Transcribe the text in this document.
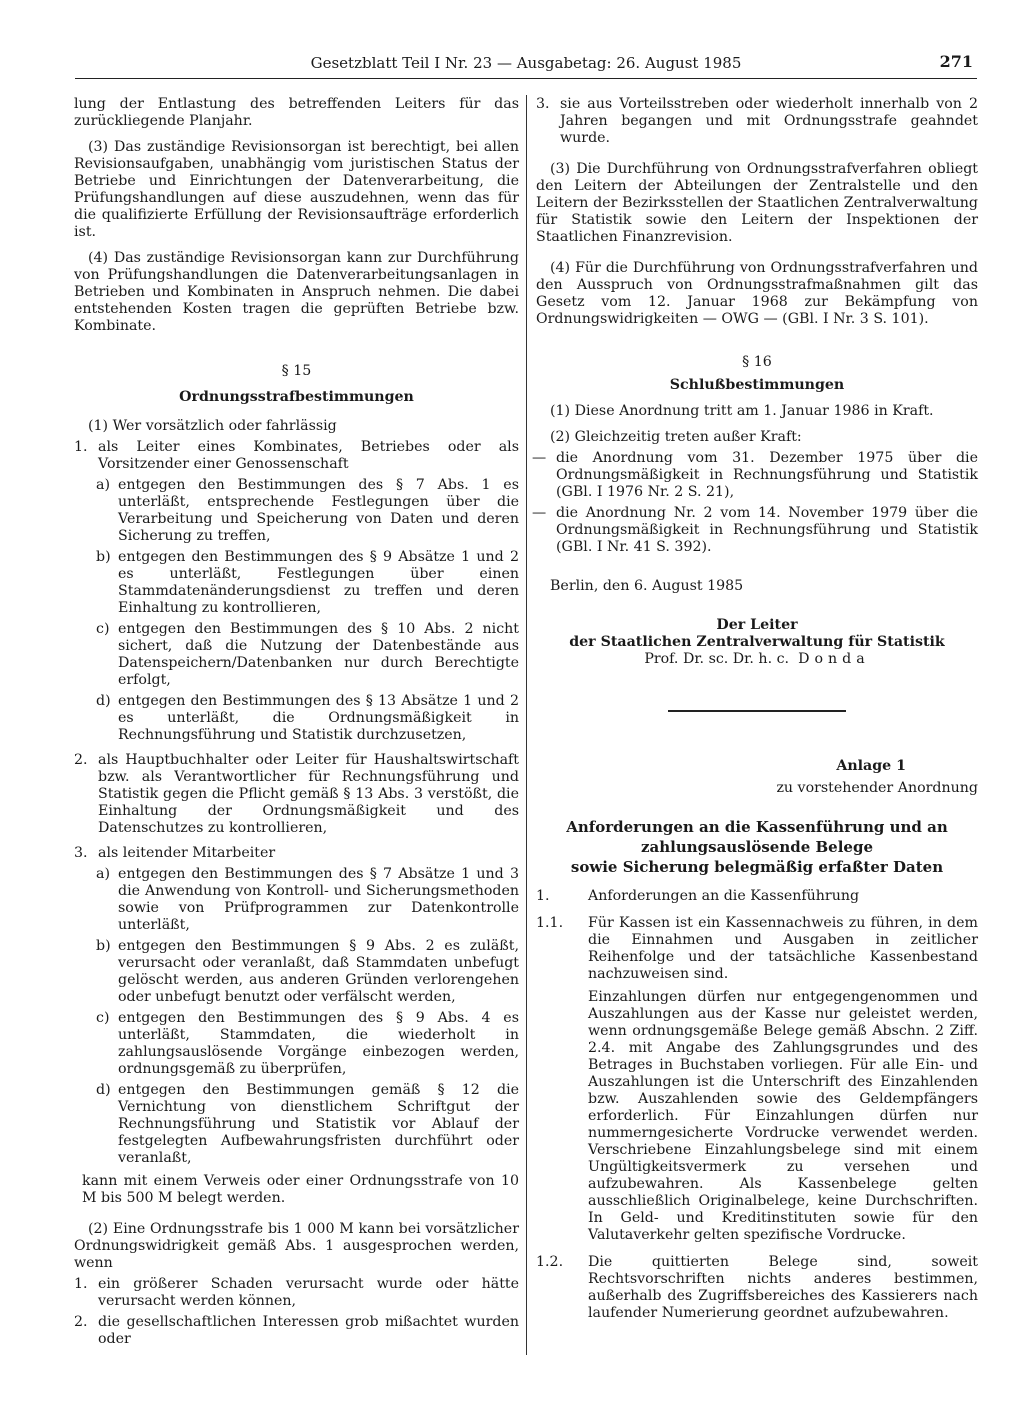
Gesetzblatt Teil I Nr. 23 — Ausgabetag: 26. August 1985	271

lung der Entlastung des betreffenden Leiters für das zurückliegende Planjahr.

(3) Das zuständige Revisionsorgan ist berechtigt, bei allen Revisionsaufgaben, unabhängig vom juristischen Status der Betriebe und Einrichtungen der Datenverarbeitung, die Prüfungshandlungen auf diese auszudehnen, wenn das für die qualifizierte Erfüllung der Revisionsaufträge erforderlich ist.

(4) Das zuständige Revisionsorgan kann zur Durchführung von Prüfungshandlungen die Datenverarbeitungsanlagen in Betrieben und Kombinaten in Anspruch nehmen. Die dabei entstehenden Kosten tragen die geprüften Betriebe bzw. Kombinate.

§ 15

Ordnungsstrafbestimmungen

(1) Wer vorsätzlich oder fahrlässig

1. als Leiter eines Kombinates, Betriebes oder als Vorsitzender einer Genossenschaft
a) entgegen den Bestimmungen des § 7 Abs. 1 es unterläßt, entsprechende Festlegungen über die Verarbeitung und Speicherung von Daten und deren Sicherung zu treffen,
b) entgegen den Bestimmungen des § 9 Absätze 1 und 2 es unterläßt, Festlegungen über einen Stammdatenänderungsdienst zu treffen und deren Einhaltung zu kontrollieren,
c) entgegen den Bestimmungen des § 10 Abs. 2 nicht sichert, daß die Nutzung der Datenbestände aus Datenspeichern/Datenbanken nur durch Berechtigte erfolgt,
d) entgegen den Bestimmungen des § 13 Absätze 1 und 2 es unterläßt, die Ordnungsmäßigkeit in Rechnungsführung und Statistik durchzusetzen,
2. als Hauptbuchhalter oder Leiter für Haushaltswirtschaft bzw. als Verantwortlicher für Rechnungsführung und Statistik gegen die Pflicht gemäß § 13 Abs. 3 verstößt, die Einhaltung der Ordnungsmäßigkeit und des Datenschutzes zu kontrollieren,
3. als leitender Mitarbeiter
a) entgegen den Bestimmungen des § 7 Absätze 1 und 3 die Anwendung von Kontroll- und Sicherungsmethoden sowie von Prüfprogrammen zur Datenkontrolle unterläßt,
b) entgegen den Bestimmungen § 9 Abs. 2 es zuläßt, verursacht oder veranlaßt, daß Stammdaten unbefugt gelöscht werden, aus anderen Gründen verlorengehen oder unbefugt benutzt oder verfälscht werden,
c) entgegen den Bestimmungen des § 9 Abs. 4 es unterläßt, Stammdaten, die wiederholt in zahlungsauslösende Vorgänge einbezogen werden, ordnungsgemäß zu überprüfen,
d) entgegen den Bestimmungen gemäß § 12 die Vernichtung von dienstlichem Schriftgut der Rechnungsführung und Statistik vor Ablauf der festgelegten Aufbewahrungsfristen durchführt oder veranlaßt,

kann mit einem Verweis oder einer Ordnungsstrafe von 10 M bis 500 M belegt werden.

(2) Eine Ordnungsstrafe bis 1 000 M kann bei vorsätzlicher Ordnungswidrigkeit gemäß Abs. 1 ausgesprochen werden, wenn

1. ein größerer Schaden verursacht wurde oder hätte verursacht werden können,
2. die gesellschaftlichen Interessen grob mißachtet wurden oder
3. sie aus Vorteilsstreben oder wiederholt innerhalb von 2 Jahren begangen und mit Ordnungsstrafe geahndet wurde.

(3) Die Durchführung von Ordnungsstrafverfahren obliegt den Leitern der Abteilungen der Zentralstelle und den Leitern der Bezirksstellen der Staatlichen Zentralverwaltung für Statistik sowie den Leitern der Inspektionen der Staatlichen Finanzrevision.

(4) Für die Durchführung von Ordnungsstrafverfahren und den Ausspruch von Ordnungsstrafmaßnahmen gilt das Gesetz vom 12. Januar 1968 zur Bekämpfung von Ordnungswidrigkeiten — OWG — (GBl. I Nr. 3 S. 101).

§ 16

Schlußbestimmungen

(1) Diese Anordnung tritt am 1. Januar 1986 in Kraft.

(2) Gleichzeitig treten außer Kraft:

— die Anordnung vom 31. Dezember 1975 über die Ordnungsmäßigkeit in Rechnungsführung und Statistik (GBl. I 1976 Nr. 2 S. 21),
— die Anordnung Nr. 2 vom 14. November 1979 über die Ordnungsmäßigkeit in Rechnungsführung und Statistik (GBl. I Nr. 41 S. 392).

Berlin, den 6. August 1985

Der Leiter

der Staatlichen Zentralverwaltung für Statistik

Prof. Dr. sc. Dr. h. c. Donda

Anlage 1

zu vorstehender Anordnung

Anforderungen an die Kassenführung und an

zahlungsauslösende Belege

sowie Sicherung belegmäßig erfaßter Daten

1.	Anforderungen an die Kassenführung
1.1.	Für Kassen ist ein Kassennachweis zu führen, in dem die Einnahmen und Ausgaben in zeitlicher Reihenfolge und der tatsächliche Kassenbestand nachzuweisen sind.

Einzahlungen dürfen nur entgegengenommen und Auszahlungen aus der Kasse nur geleistet werden, wenn ordnungsgemäße Belege gemäß Abschn. 2 Ziff. 2.4. mit Angabe des Zahlungsgrundes und des Betrages in Buchstaben vorliegen. Für alle Ein- und Auszahlungen ist die Unterschrift des Einzahlenden bzw. Auszahlenden sowie des Geldempfängers erforderlich. Für Einzahlungen dürfen nur nummerngesicherte Vordrucke verwendet werden. Verschriebene Einzahlungsbelege sind mit einem Ungültigkeitsvermerk zu versehen und aufzubewahren. Als Kassenbelege gelten ausschließlich Originalbelege, keine Durchschriften. In Geld- und Kreditinstituten sowie für den Valutaverkehr gelten spezifische Vordrucke.

1.2.	Die quittierten Belege sind, soweit Rechtsvorschriften nichts anderes bestimmen, außerhalb des Zugriffsbereiches des Kassierers nach laufender Numerierung geordnet aufzubewahren.
